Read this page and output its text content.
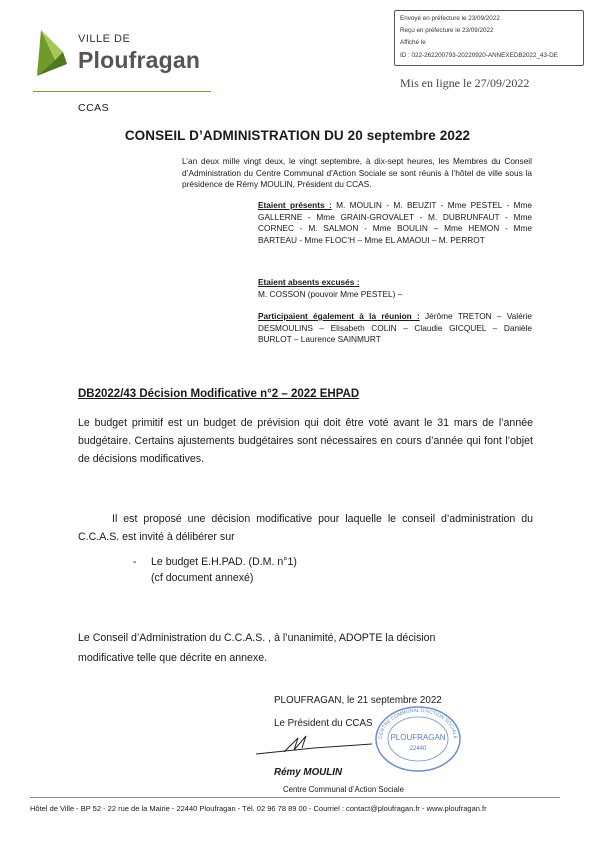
VILLE DE
Ploufragan
CCAS
Envoyé en préfecture le 23/09/2022
Reçu en préfecture le 23/09/2022
Affiché le
ID : 022-262200793-20220920-ANNEXEDB2022_43-DE
Mis en ligne le 27/09/2022
CONSEIL D’ADMINISTRATION DU 20 septembre 2022
L’an deux mille vingt deux, le vingt septembre, à dix-sept heures, les Membres du Conseil d’Administration du Centre Communal d’Action Sociale se sont réunis à l’hôtel de ville sous la présidence de Rémy MOULIN, Président du CCAS.
Etaient présents : M. MOULIN - M. BEUZIT - Mme PESTEL - Mme GALLERNE - Mme GRAIN-GROVALET - M. DUBRUNFAUT - Mme CORNEC - M. SALMON - Mme BOULIN – Mme HEMON - Mme BARTEAU - Mme FLOC’H – Mme EL AMAOUI – M. PERROT
Etaient absents excusés :
M. COSSON (pouvoir Mme PESTEL) –
Participaient également à la réunion : Jérôme TRETON – Valérie DESMOULINS – Elisabeth COLIN – Claudie GICQUEL – Danièle BURLOT – Laurence SAINMURT
DB2022/43 Décision Modificative n°2 – 2022 EHPAD
Le budget primitif est un budget de prévision qui doit être voté avant le 31 mars de l’année budgétaire. Certains ajustements budgétaires sont nécessaires en cours d’année qui font l’objet de décisions modificatives.
Il est proposé une décision modificative pour laquelle le conseil d’administration du C.C.A.S. est invité à délibérer sur
- Le budget E.H.PAD. (D.M. n°1)
(cf document annexé)
Le Conseil d’Administration du C.C.A.S. , à l’unanimité, ADOPTE la décision modificative telle que décrite en annexe.
PLOUFRAGAN, le 21 septembre 2022
Le Président du CCAS
PLOUFRAGAN
22440
CENTRE COMMUNAL D’ACTION SOCIALE
Rémy MOULIN
Centre Communal d’Action Sociale
Hôtel de Ville - BP 52 - 22 rue de la Mairie - 22440 Ploufragan - Tél. 02 96 78 89 00 - Courriel : contact@ploufragan.fr - www.ploufragan.fr
